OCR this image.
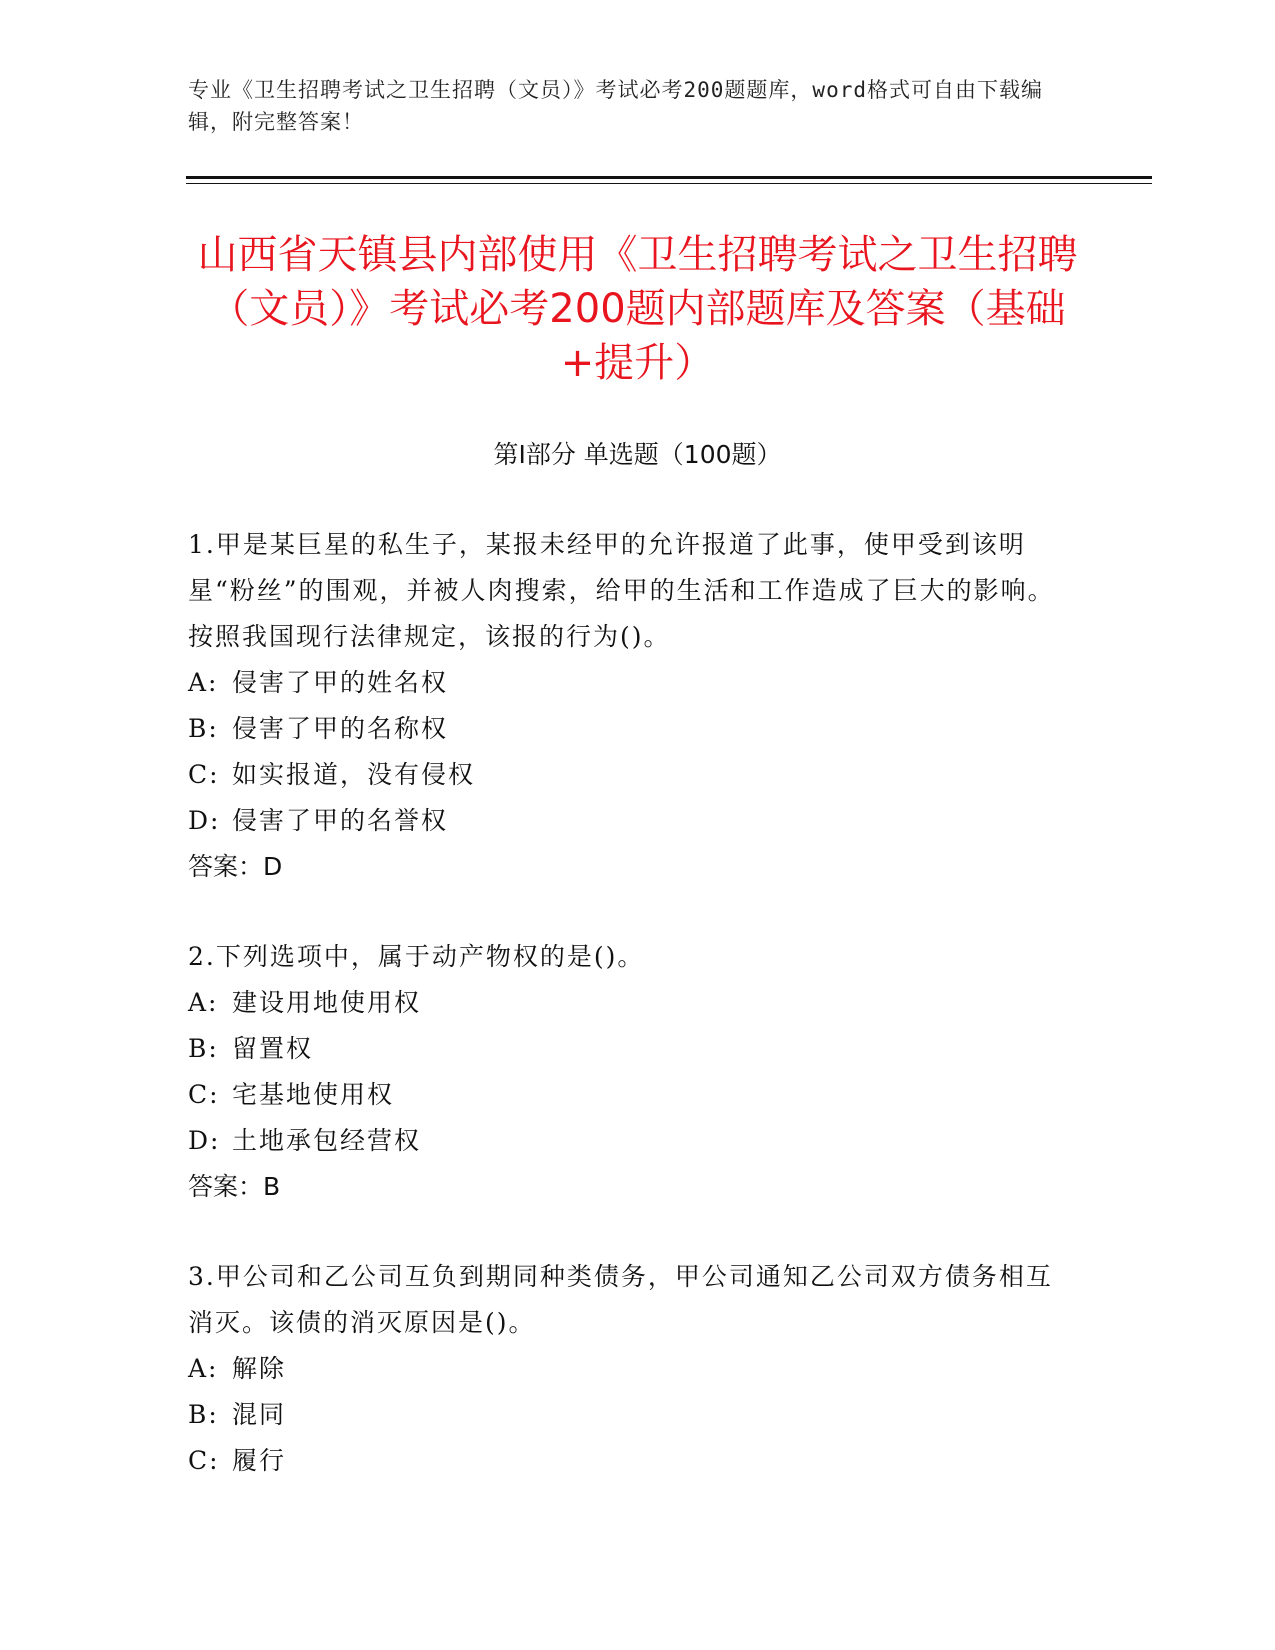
专业《卫生招聘考试之卫生招聘（文员）》考试必考200题题库，word格式可自由下载编辑，附完整答案！
山西省天镇县内部使用《卫生招聘考试之卫生招聘（文员）》考试必考200题内部题库及答案（基础+提升）
第I部分 单选题（100题）

1.甲是某巨星的私生子，某报未经甲的允许报道了此事，使甲受到该明星“粉丝”的围观，并被人肉搜索，给甲的生活和工作造成了巨大的影响。按照我国现行法律规定，该报的行为()。

A: 侵害了甲的姓名权

B: 侵害了甲的名称权

C: 如实报道，没有侵权

D: 侵害了甲的名誉权

答案：D

2.下列选项中，属于动产物权的是()。

A: 建设用地使用权

B: 留置权

C: 宅基地使用权

D: 土地承包经营权

答案：B

3.甲公司和乙公司互负到期同种类债务，甲公司通知乙公司双方债务相互消灭。该债的消灭原因是()。

A: 解除

B: 混同

C: 履行
